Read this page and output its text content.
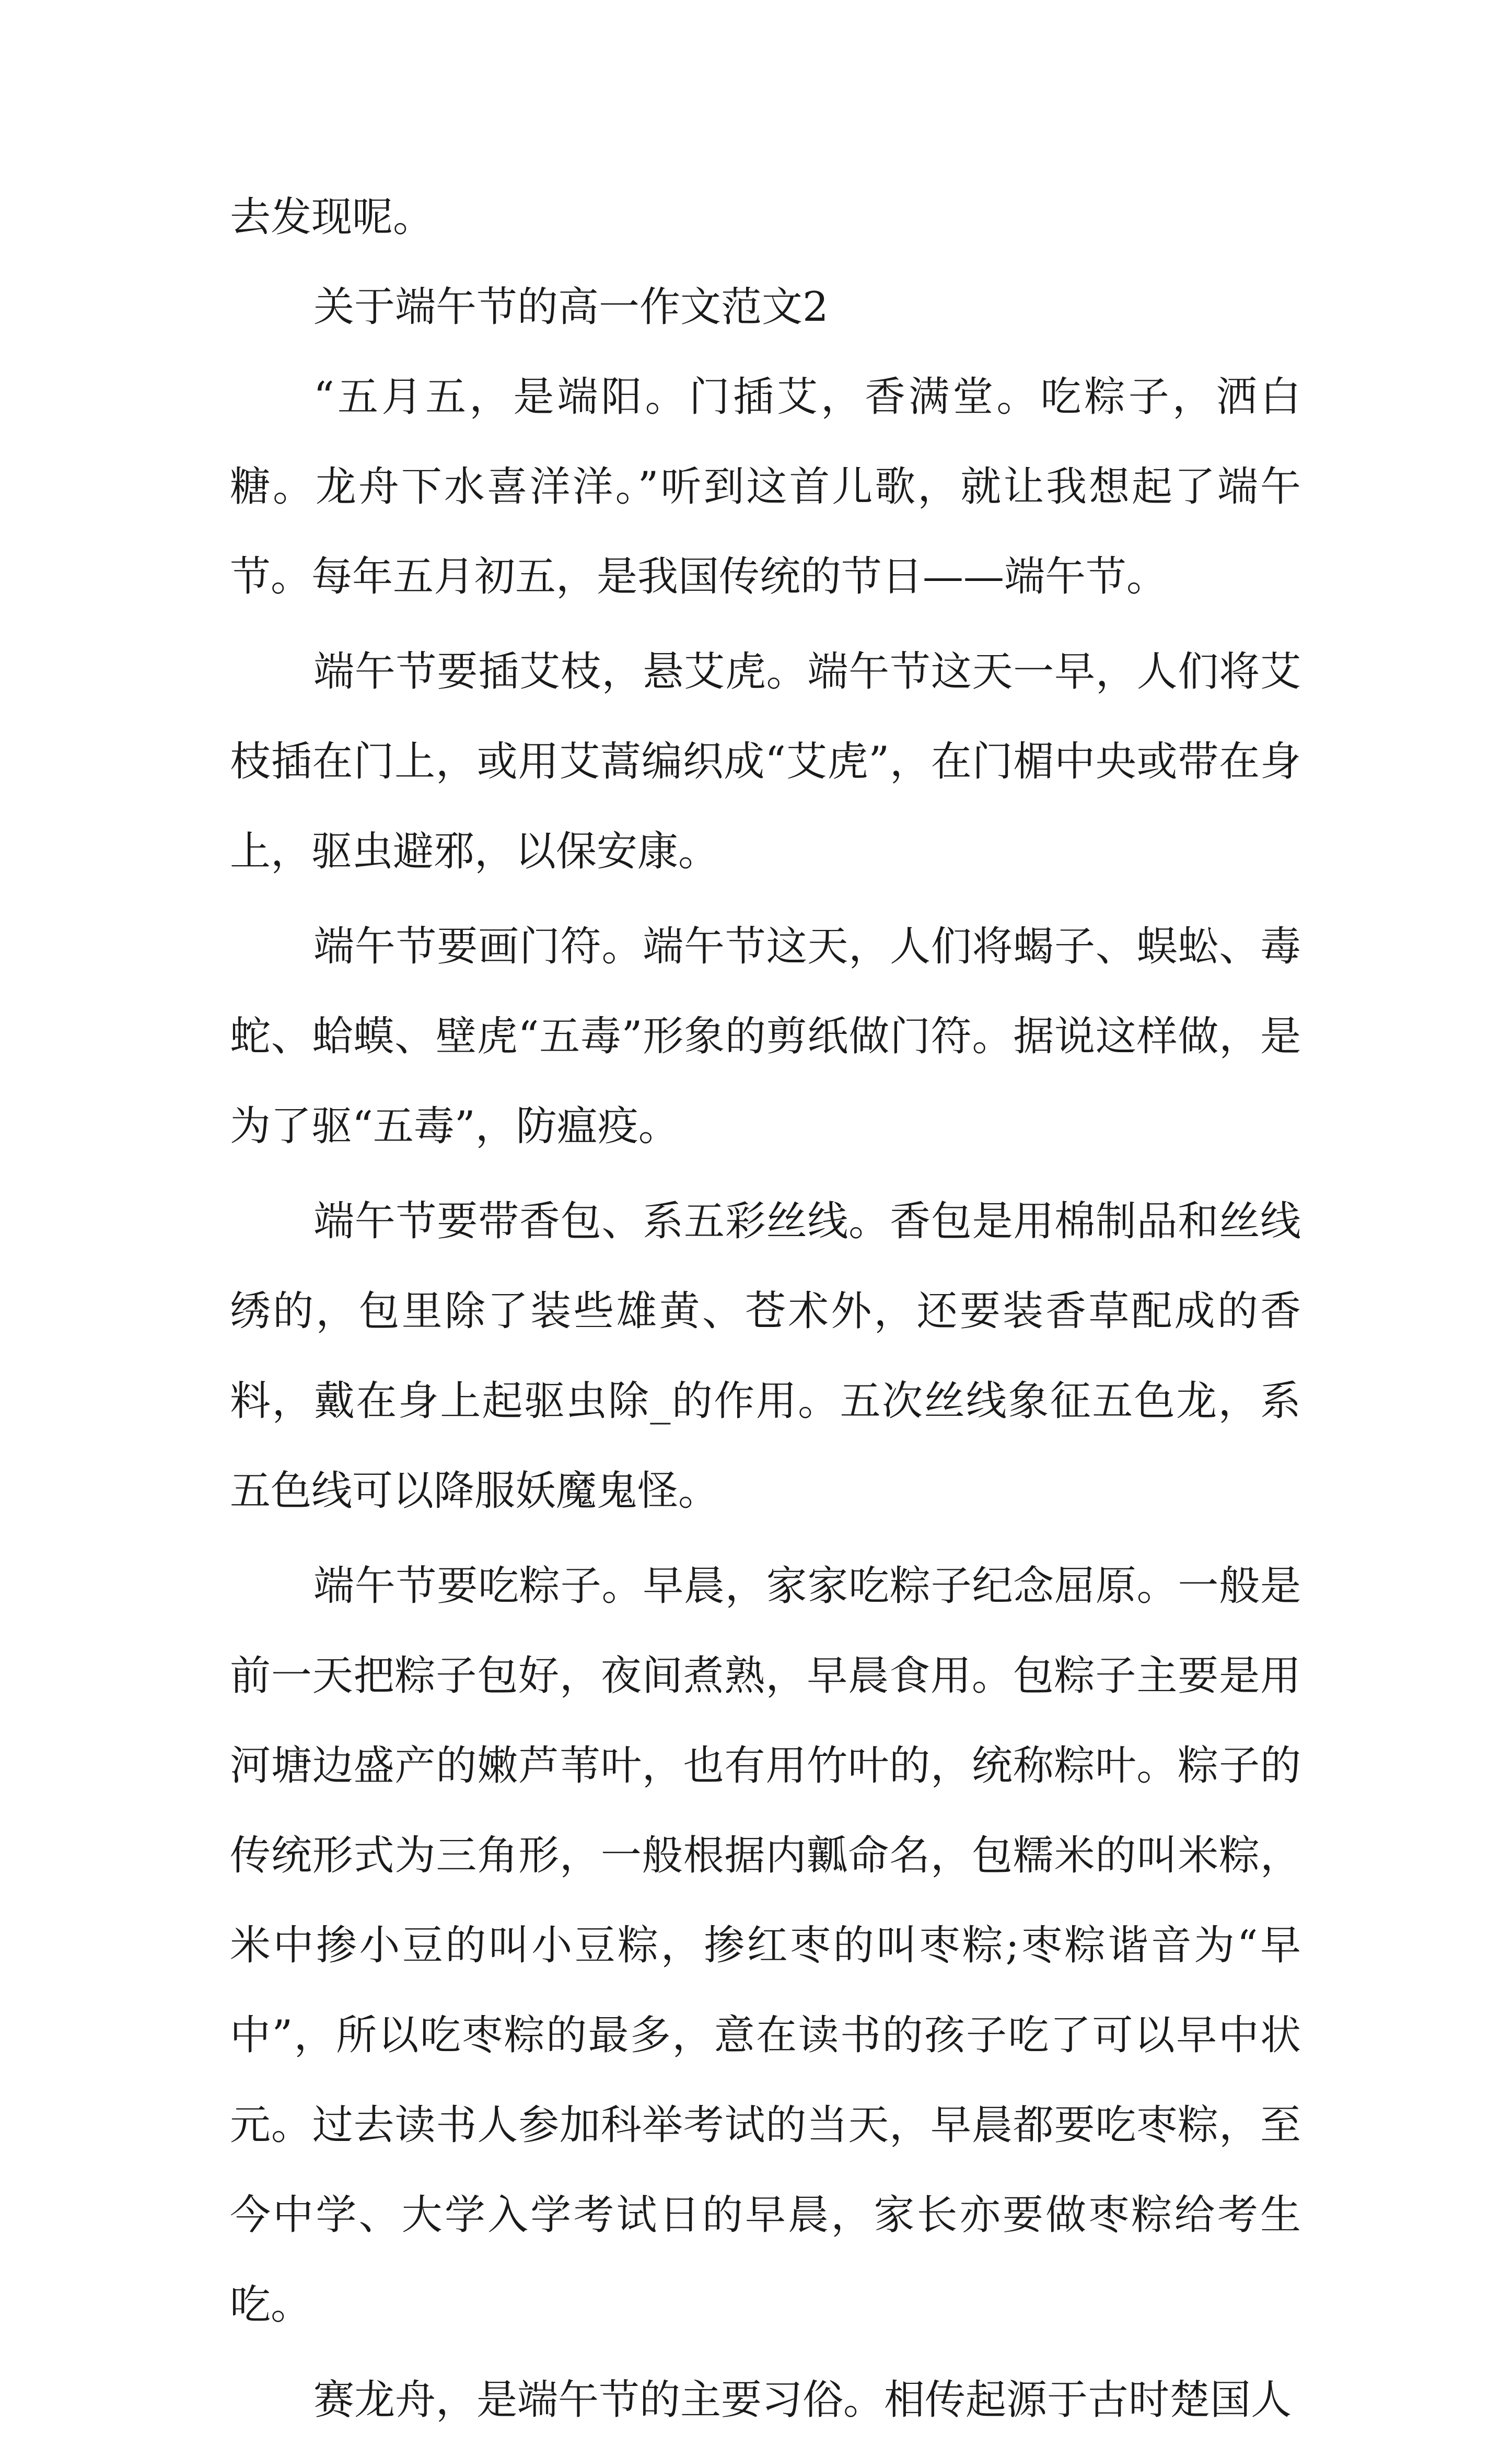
去发现呢。

关于端午节的高一作文范文2

“五月五，是端阳。门插艾，香满堂。吃粽子，洒白糖。龙舟下水喜洋洋。”听到这首儿歌，就让我想起了端午节。每年五月初五，是我国传统的节日——端午节。

端午节要插艾枝，悬艾虎。端午节这天一早，人们将艾枝插在门上，或用艾蒿编织成“艾虎”，在门楣中央或带在身上，驱虫避邪，以保安康。

端午节要画门符。端午节这天，人们将蝎子、蜈蚣、毒蛇、蛤蟆、壁虎“五毒”形象的剪纸做门符。据说这样做，是为了驱“五毒”，防瘟疫。

端午节要带香包、系五彩丝线。香包是用棉制品和丝线绣的，包里除了装些雄黄、苍术外，还要装香草配成的香料，戴在身上起驱虫除_的作用。五次丝线象征五色龙，系五色线可以降服妖魔鬼怪。

端午节要吃粽子。早晨，家家吃粽子纪念屈原。一般是前一天把粽子包好，夜间煮熟，早晨食用。包粽子主要是用河塘边盛产的嫩芦苇叶，也有用竹叶的，统称粽叶。粽子的传统形式为三角形，一般根据内瓤命名，包糯米的叫米粽，米中掺小豆的叫小豆粽，掺红枣的叫枣粽;枣粽谐音为“早中”，所以吃枣粽的最多，意在读书的孩子吃了可以早中状元。过去读书人参加科举考试的当天，早晨都要吃枣粽，至今中学、大学入学考试日的早晨，家长亦要做枣粽给考生吃。

赛龙舟，是端午节的主要习俗。相传起源于古时楚国人
